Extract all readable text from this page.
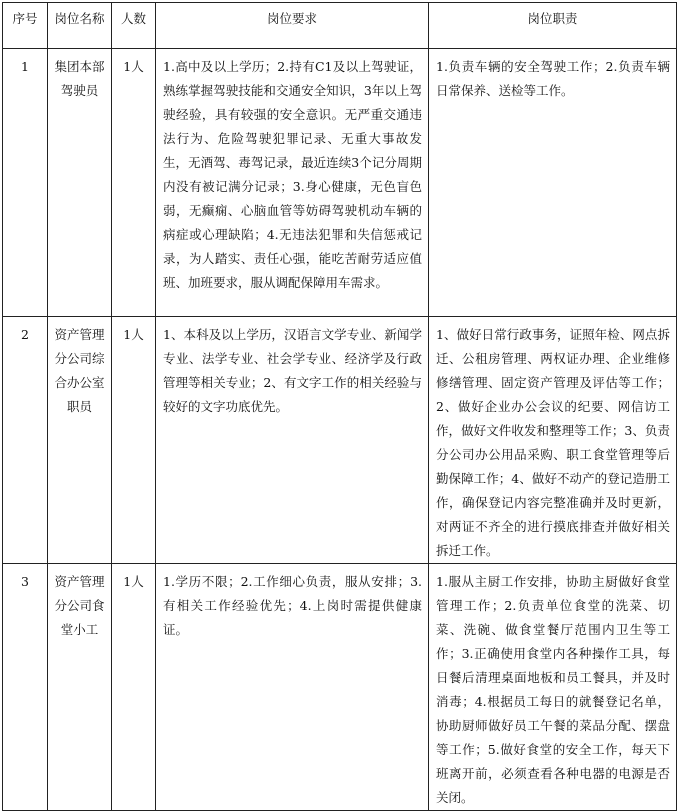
序号	岗位名称	人数	岗位要求	岗位职责
1	集团本部驾驶员	1人	1.高中及以上学历；2.持有C1及以上驾驶证，熟练掌握驾驶技能和交通安全知识，3年以上驾驶经验，具有较强的安全意识。无严重交通违法行为、危险驾驶犯罪记录、无重大事故发生，无酒驾、毒驾记录，最近连续3个记分周期内没有被记满分记录；3.身心健康，无色盲色弱，无癫痫、心脑血管等妨碍驾驶机动车辆的病症或心理缺陷；4.无违法犯罪和失信惩戒记录，为人踏实、责任心强，能吃苦耐劳适应值班、加班要求，服从调配保障用车需求。	1.负责车辆的安全驾驶工作；2.负责车辆日常保养、送检等工作。
2	资产管理分公司综合办公室职员	1人	1、本科及以上学历，汉语言文学专业、新闻学专业、法学专业、社会学专业、经济学及行政管理等相关专业；2、有文字工作的相关经验与较好的文字功底优先。	1、做好日常行政事务，证照年检、网点拆迁、公租房管理、两权证办理、企业维修修缮管理、固定资产管理及评估等工作；2、做好企业办公会议的纪要、网信访工作，做好文件收发和整理等工作；3、负责分公司办公用品采购、职工食堂管理等后勤保障工作；4、做好不动产的登记造册工作，确保登记内容完整准确并及时更新，对两证不齐全的进行摸底排查并做好相关拆迁工作。
3	资产管理分公司食堂小工	1人	1.学历不限；2.工作细心负责，服从安排；3.有相关工作经验优先；4.上岗时需提供健康证。	1.服从主厨工作安排，协助主厨做好食堂管理工作；2.负责单位食堂的洗菜、切菜、洗碗、做食堂餐厅范围内卫生等工作；3.正确使用食堂内各种操作工具，每日餐后清理桌面地板和员工餐具，并及时消毒；4.根据员工每日的就餐登记名单，协助厨师做好员工午餐的菜品分配、摆盘等工作；5.做好食堂的安全工作，每天下班离开前，必须查看各种电器的电源是否关闭。
